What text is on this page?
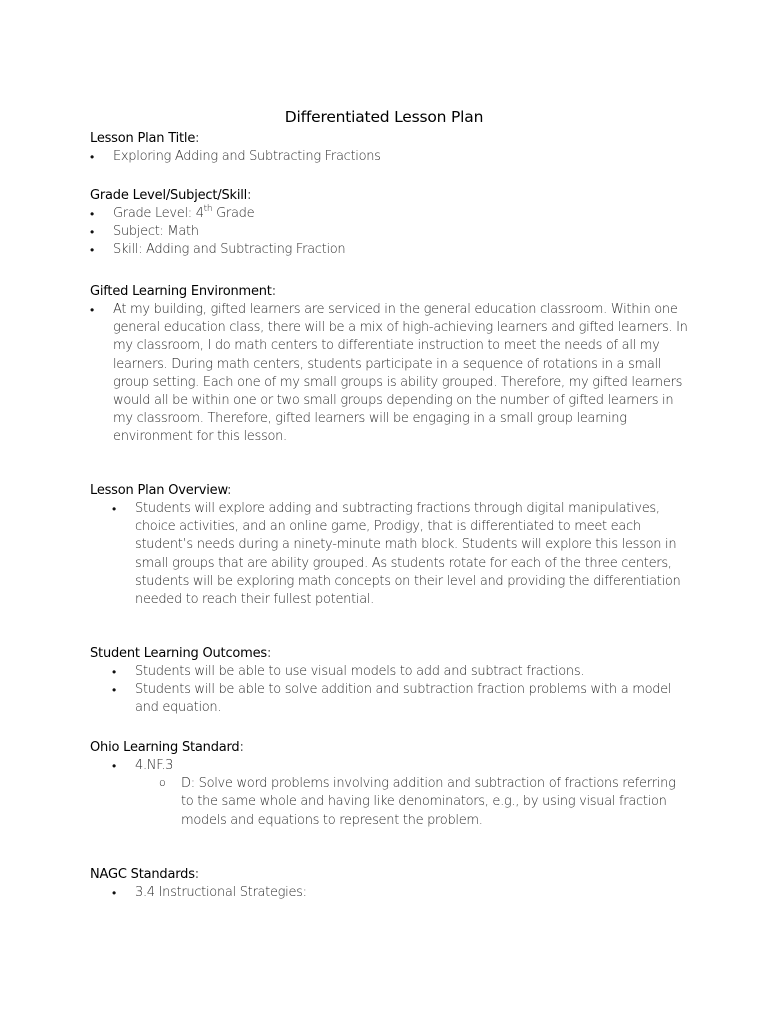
Differentiated Lesson Plan
Lesson Plan Title:
• Exploring Adding and Subtracting Fractions
Grade Level/Subject/Skill:
• Grade Level: 4th Grade
• Subject: Math
• Skill: Adding and Subtracting Fraction
Gifted Learning Environment:
• At my building, gifted learners are serviced in the general education classroom. Within one general education class, there will be a mix of high-achieving learners and gifted learners. In my classroom, I do math centers to differentiate instruction to meet the needs of all my learners. During math centers, students participate in a sequence of rotations in a small group setting. Each one of my small groups is ability grouped. Therefore, my gifted learners would all be within one or two small groups depending on the number of gifted learners in my classroom. Therefore, gifted learners will be engaging in a small group learning environment for this lesson.
Lesson Plan Overview:
• Students will explore adding and subtracting fractions through digital manipulatives, choice activities, and an online game, Prodigy, that is differentiated to meet each student’s needs during a ninety-minute math block. Students will explore this lesson in small groups that are ability grouped. As students rotate for each of the three centers, students will be exploring math concepts on their level and providing the differentiation needed to reach their fullest potential.
Student Learning Outcomes:
• Students will be able to use visual models to add and subtract fractions.
• Students will be able to solve addition and subtraction fraction problems with a model and equation.
Ohio Learning Standard:
• 4.NF.3
o D: Solve word problems involving addition and subtraction of fractions referring to the same whole and having like denominators, e.g., by using visual fraction models and equations to represent the problem.
NAGC Standards:
• 3.4 Instructional Strategies:
